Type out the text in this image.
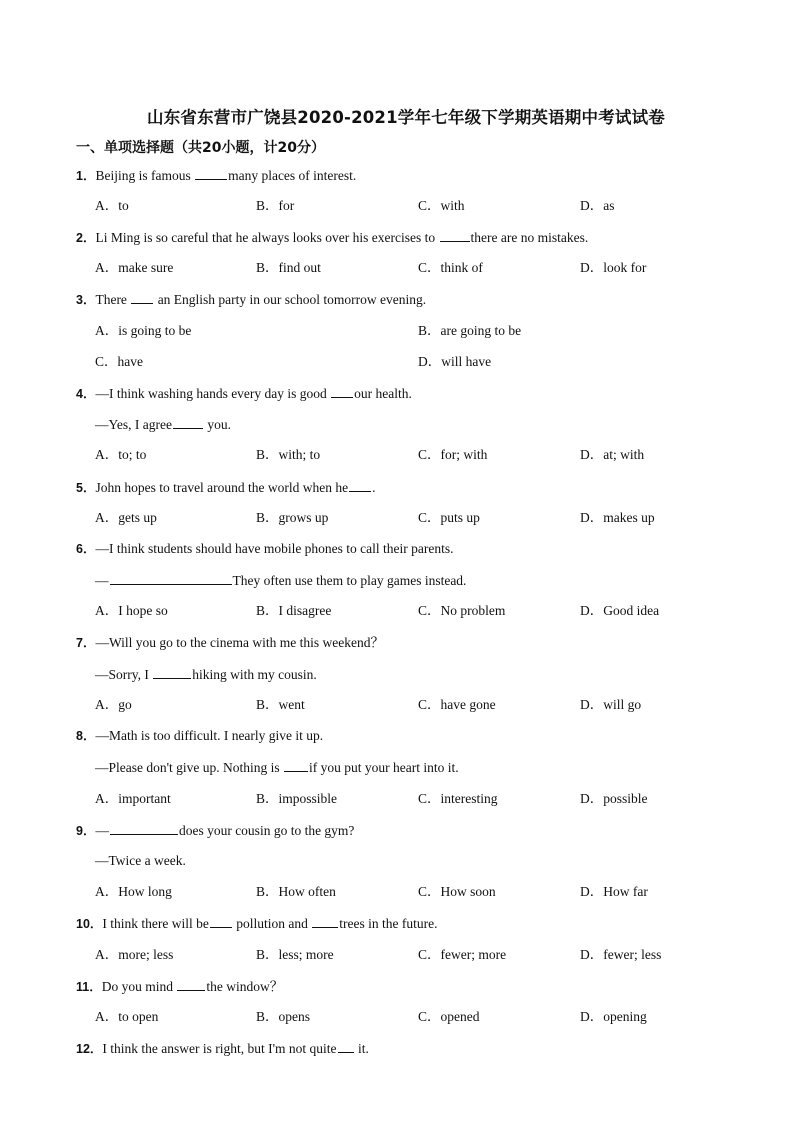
山东省东营市广饶县2020-2021学年七年级下学期英语期中考试试卷
一、单项选择题（共20小题，计20分）
1．Beijing is famous	many places of interest.
A．to	B．for	C．with	D．as
2．Li Ming is so careful that he always looks over his exercises to there are no mistakes.
A．make sure	B．find out	C．think of	D．look for
3．There  an English party in our school tomorrow evening.
A．is going to be	B．are going to be
C．have	D．will have
4．—I think washing hands every day is good our health.
—Yes, I agree you.
A．to; to	B．with; to	C．for; with	D．at; with
5．John hopes to travel around the world when he .
A．gets up	B．grows up	C．puts up	D．makes up
6．—I think students should have mobile phones to call their parents.
—	They often use them to play games instead.
A．I hope so	B．I disagree	C．No problem	D．Good idea
7．—Will you go to the cinema with me this weekend？
—Sorry, I	hiking with my cousin.
A．go	B．went	C．have gone	D．will go
8．—Math is too difficult. I nearly give it up.
—Please don't give up. Nothing is if you put your heart into it.
A．important	B．impossible	C．interesting	D．possible
9．—	does your cousin go to the gym?
—Twice a week.
A．How long	B．How often	C．How soon	D．How far
10．I think there will be pollution and trees in the future.
A．more; less	B．less; more	C．fewer; more	D．fewer; less
11．Do you mind the window？
A．to open	B．opens	C．opened	D．opening
12．I think the answer is right, but I'm not quite it.
